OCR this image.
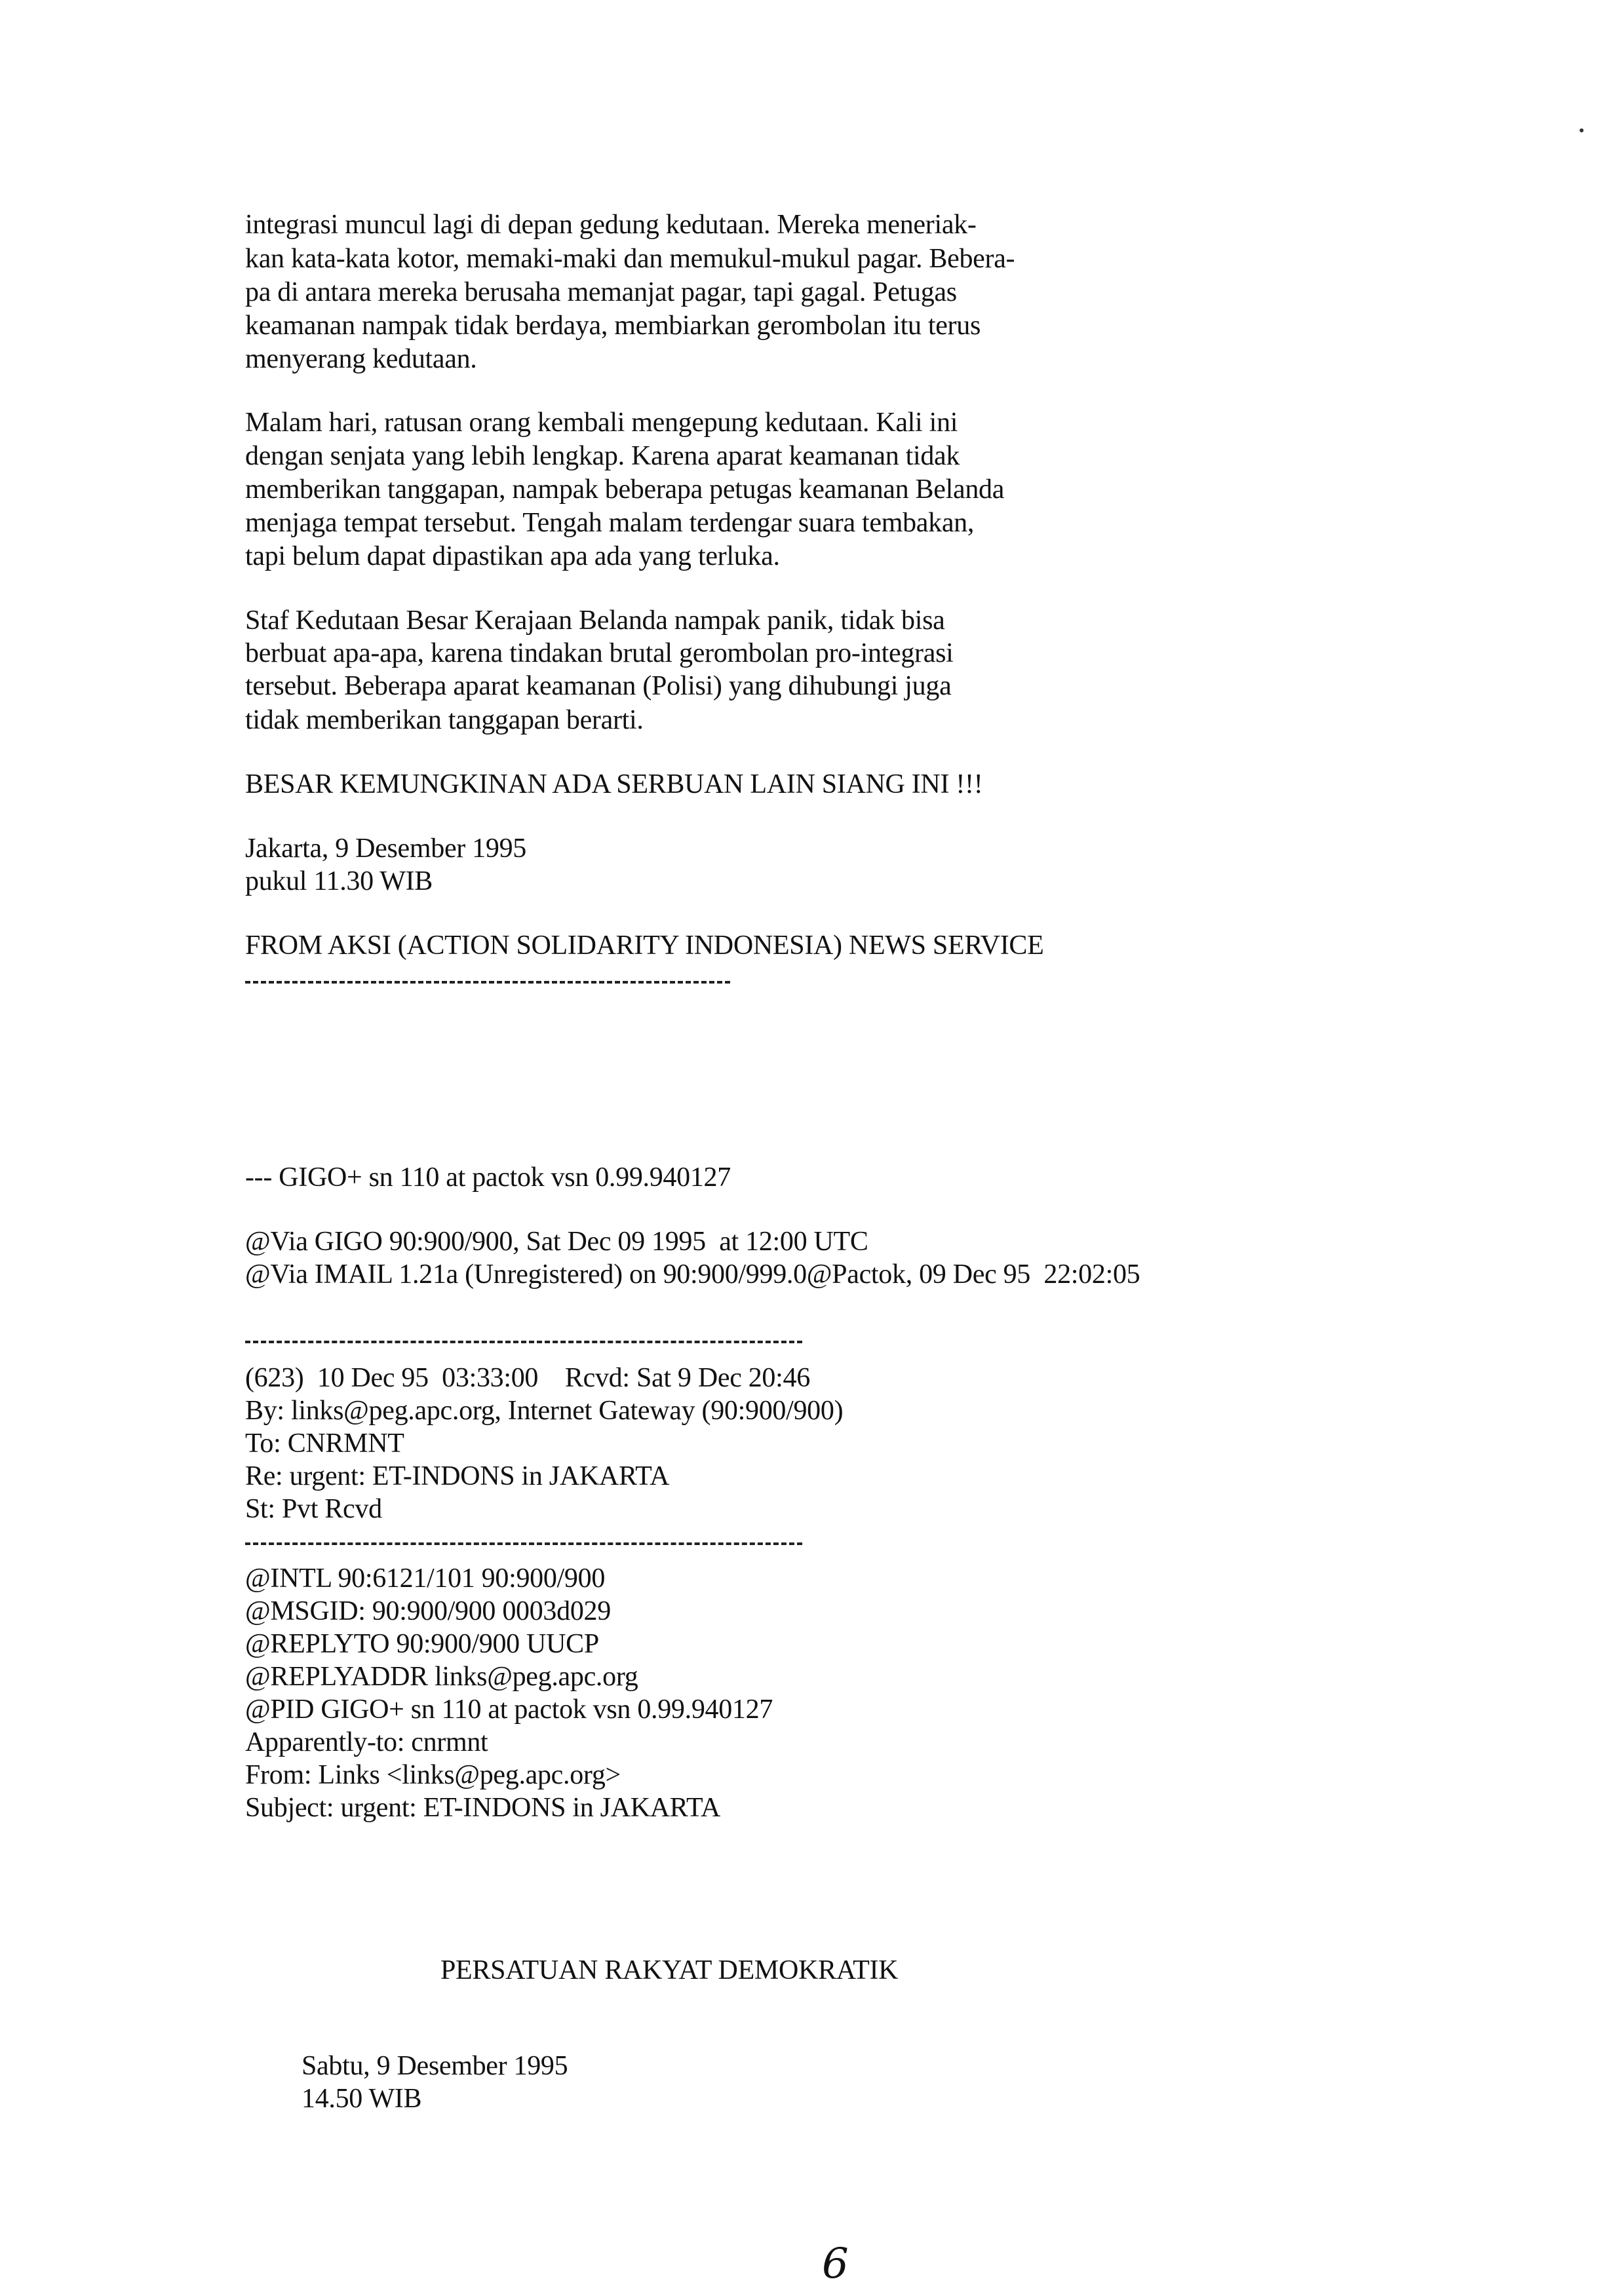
integrasi muncul lagi di depan gedung kedutaan. Mereka meneriak-
kan kata-kata kotor, memaki-maki dan memukul-mukul pagar. Bebera-
pa di antara mereka berusaha memanjat pagar, tapi gagal. Petugas
keamanan nampak tidak berdaya, membiarkan gerombolan itu terus
menyerang kedutaan.
Malam hari, ratusan orang kembali mengepung kedutaan. Kali ini
dengan senjata yang lebih lengkap. Karena aparat keamanan tidak
memberikan tanggapan, nampak beberapa petugas keamanan Belanda
menjaga tempat tersebut. Tengah malam terdengar suara tembakan,
tapi belum dapat dipastikan apa ada yang terluka.
Staf Kedutaan Besar Kerajaan Belanda nampak panik, tidak bisa
berbuat apa-apa, karena tindakan brutal gerombolan pro-integrasi
tersebut. Beberapa aparat keamanan (Polisi) yang dihubungi juga
tidak memberikan tanggapan berarti.
BESAR KEMUNGKINAN ADA SERBUAN LAIN SIANG INI !!!
Jakarta, 9 Desember 1995
pukul 11.30 WIB
FROM AKSI (ACTION SOLIDARITY INDONESIA) NEWS SERVICE
--- GIGO+ sn 110 at pactok vsn 0.99.940127
@Via GIGO 90:900/900, Sat Dec 09 1995  at 12:00 UTC
@Via IMAIL 1.21a (Unregistered) on 90:900/999.0@Pactok, 09 Dec 95  22:02:05
(623)  10 Dec 95  03:33:00    Rcvd: Sat 9 Dec 20:46
By: links@peg.apc.org, Internet Gateway (90:900/900)
To: CNRMNT
Re: urgent: ET-INDONS in JAKARTA
St: Pvt Rcvd
@INTL 90:6121/101 90:900/900
@MSGID: 90:900/900 0003d029
@REPLYTO 90:900/900 UUCP
@REPLYADDR links@peg.apc.org
@PID GIGO+ sn 110 at pactok vsn 0.99.940127
Apparently-to: cnrmnt
From: Links <links@peg.apc.org>
Subject: urgent: ET-INDONS in JAKARTA
PERSATUAN RAKYAT DEMOKRATIK
Sabtu, 9 Desember 1995
14.50 WIB
6
